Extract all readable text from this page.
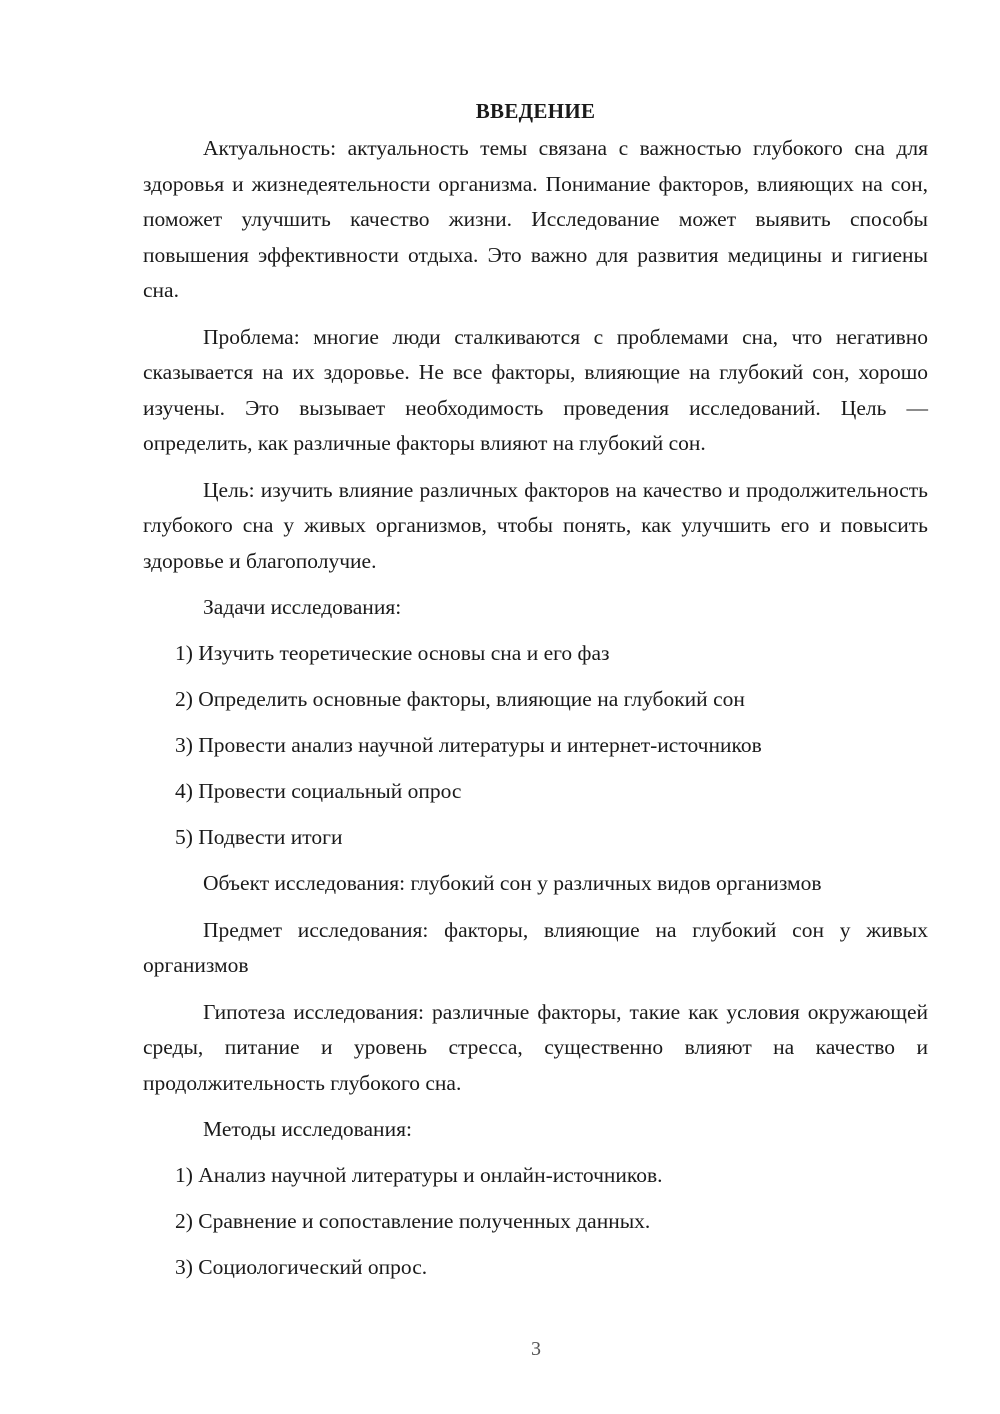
ВВЕДЕНИЕ

Актуальность: актуальность темы связана с важностью глубокого сна для здоровья и жизнедеятельности организма. Понимание факторов, влияющих на сон, поможет улучшить качество жизни. Исследование может выявить способы повышения эффективности отдыха. Это важно для развития медицины и гигиены сна.

Проблема: многие люди сталкиваются с проблемами сна, что негативно сказывается на их здоровье. Не все факторы, влияющие на глубокий сон, хорошо изучены. Это вызывает необходимость проведения исследований. Цель — определить, как различные факторы влияют на глубокий сон.

Цель: изучить влияние различных факторов на качество и продолжительность глубокого сна у живых организмов, чтобы понять, как улучшить его и повысить здоровье и благополучие.

Задачи исследования:
1) Изучить теоретические основы сна и его фаз
2) Определить основные факторы, влияющие на глубокий сон
3) Провести анализ научной литературы и интернет-источников
4) Провести социальный опрос
5) Подвести итоги

Объект исследования: глубокий сон у различных видов организмов

Предмет исследования: факторы, влияющие на глубокий сон у живых организмов

Гипотеза исследования: различные факторы, такие как условия окружающей среды, питание и уровень стресса, существенно влияют на качество и продолжительность глубокого сна.

Методы исследования:
1) Анализ научной литературы и онлайн-источников.
2) Сравнение и сопоставление полученных данных.
3) Социологический опрос.
3
